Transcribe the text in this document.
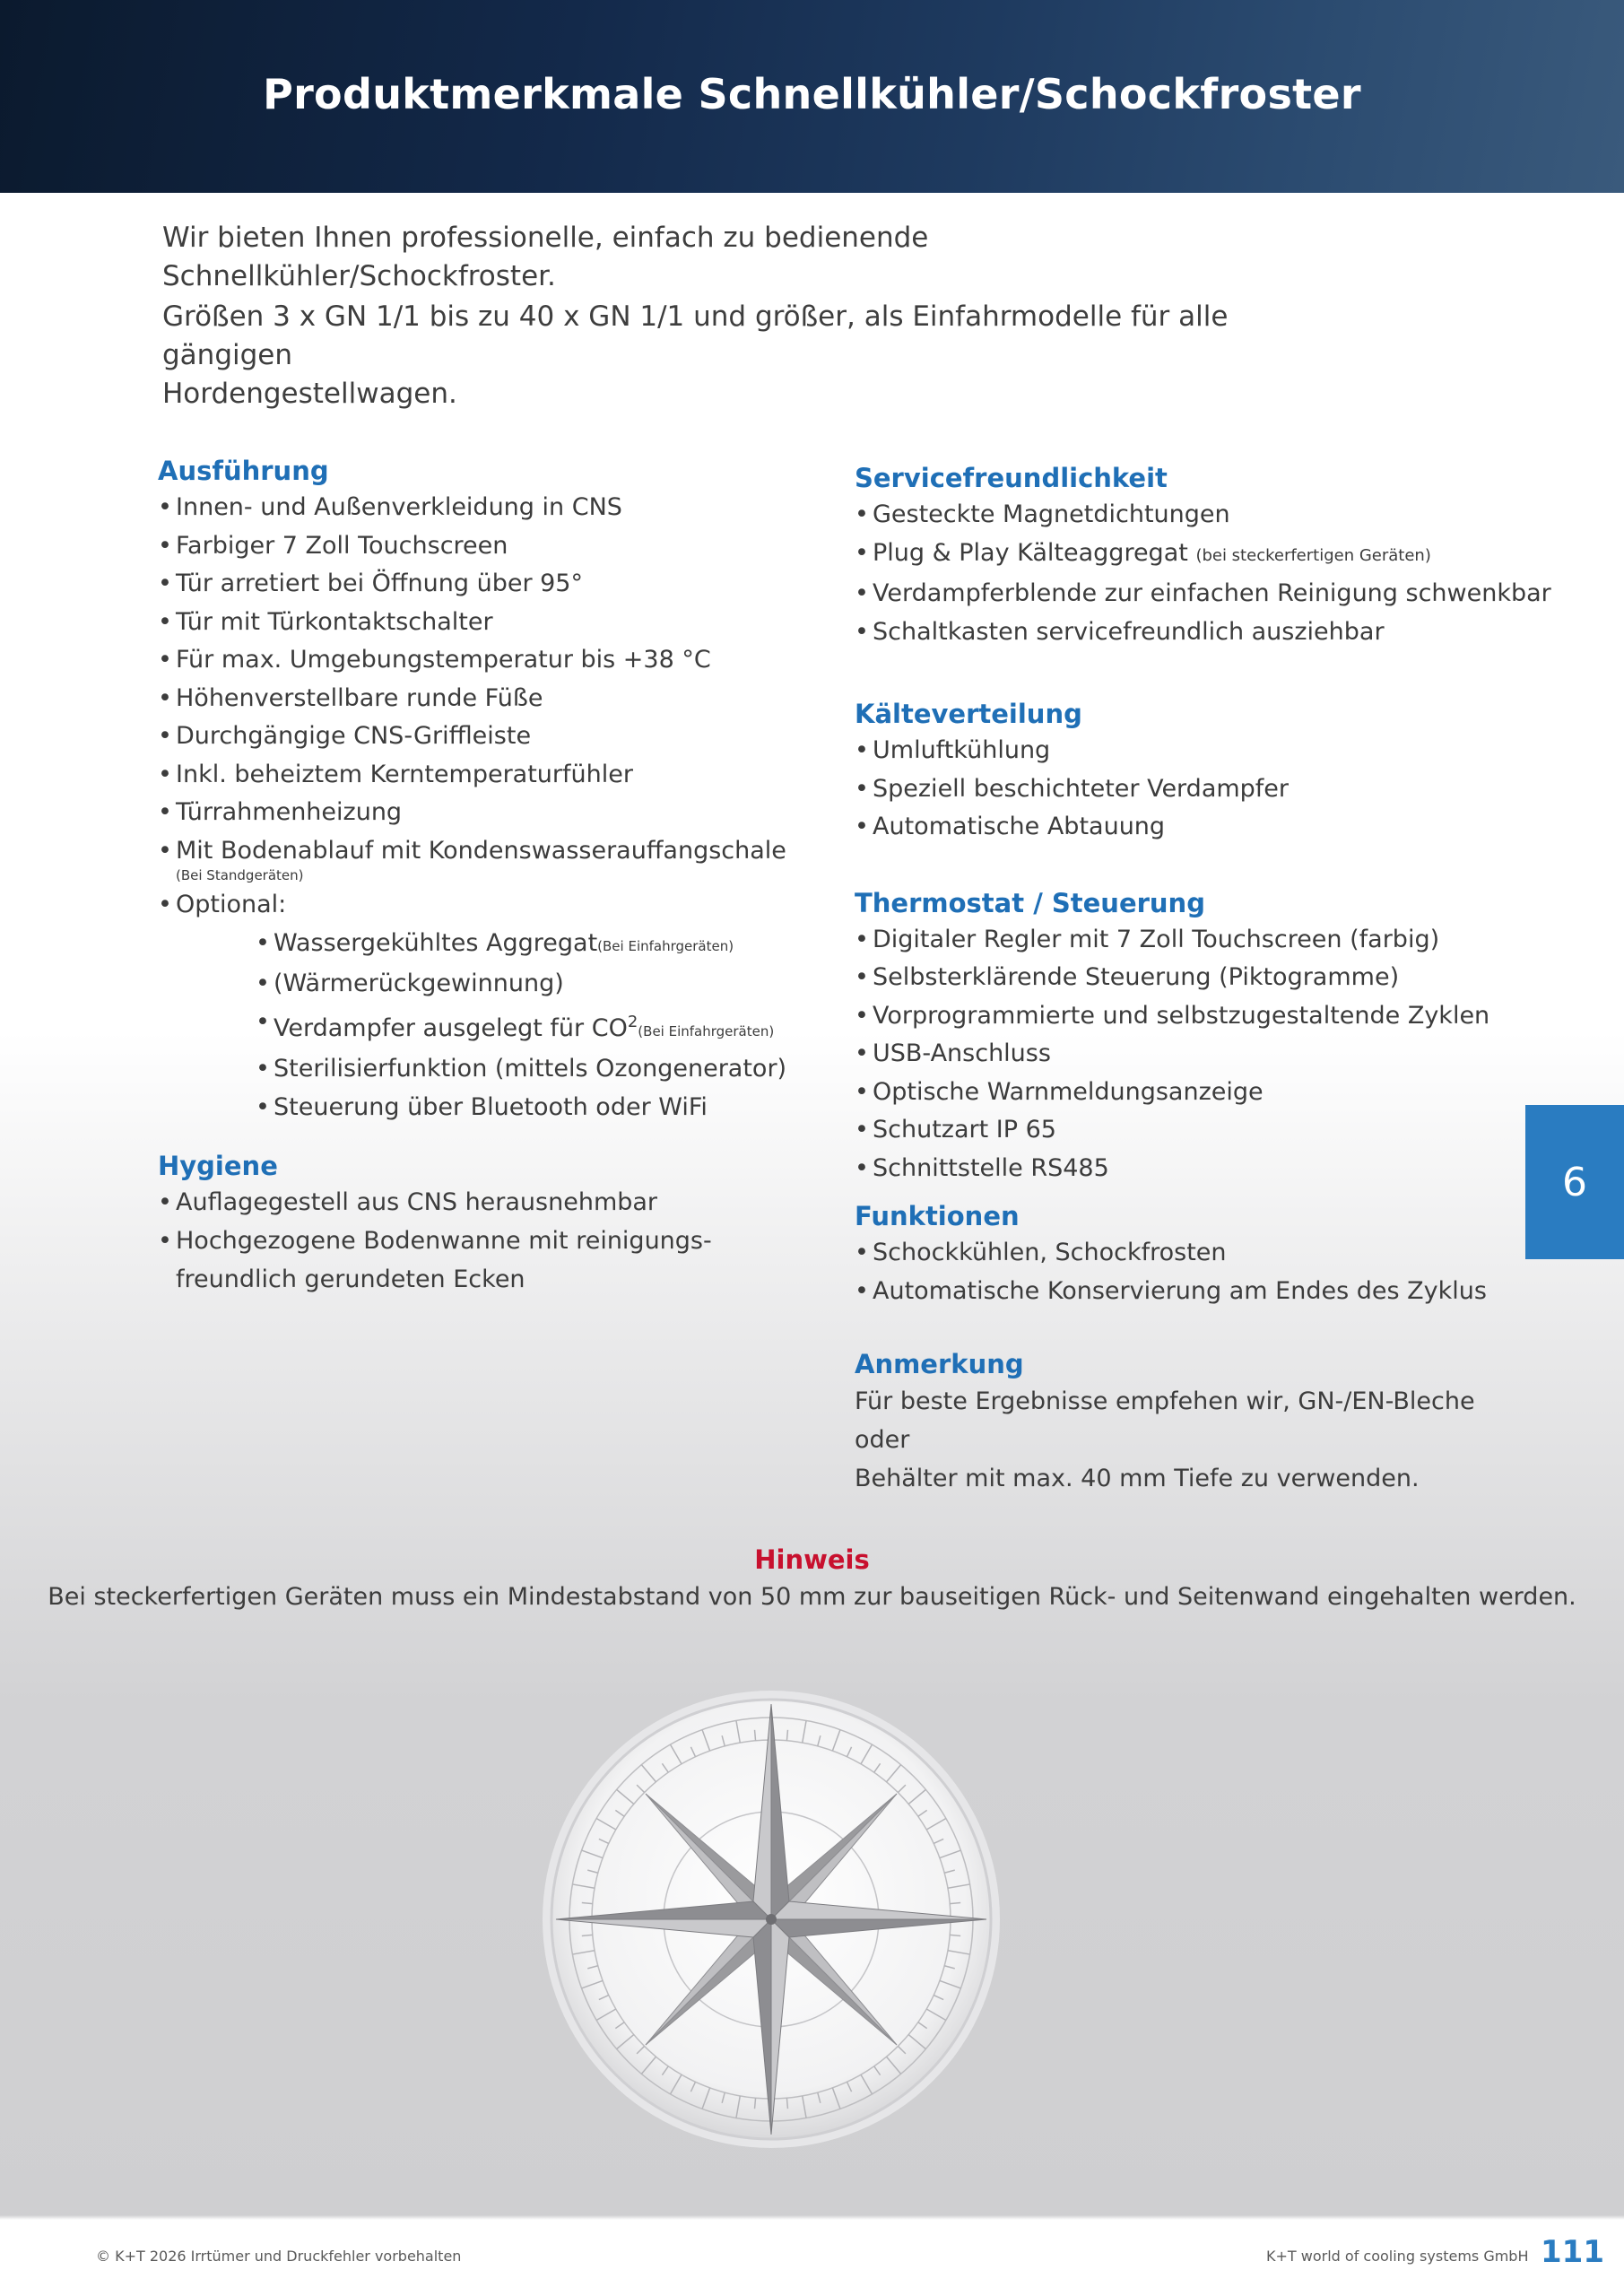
Produktmerkmale Schnellkühler/Schockfroster
Wir bieten Ihnen professionelle, einfach zu bedienende Schnellkühler/Schockfroster.
Größen 3 x GN 1/1 bis zu 40 x GN 1/1 und größer, als Einfahrmodelle für alle gängigen
Hordengestellwagen.
Ausführung
• Innen- und Außenverkleidung in CNS
• Farbiger 7 Zoll Touchscreen
• Tür arretiert bei Öffnung über 95°
• Tür mit Türkontaktschalter
• Für max. Umgebungstemperatur bis +38 °C
• Höhenverstellbare runde Füße
• Durchgängige CNS-Griffleiste
• Inkl. beheiztem Kerntemperaturfühler
• Türrahmenheizung
• Mit Bodenablauf mit Kondenswasserauffangschale
(Bei Standgeräten)
• Optional:
• Wassergekühltes Aggregat(Bei Einfahrgeräten)
• (Wärmerückgewinnung)
• Verdampfer ausgelegt für $CO^2(Bei$ Einfahrgeräten)
• Sterilisierfunktion (mittels Ozongenerator)
• Steuerung über Bluetooth oder WiFi
Hygiene
• Auflagegestell aus CNS herausnehmbar
• Hochgezogene Bodenwanne mit reinigungs-
freundlich gerundeten Ecken
Servicefreundlichkeit
• Gesteckte Magnetdichtungen
• Plug & Play Kälteaggregat (bei steckerfertigen Geräten)
• Verdampferblende zur einfachen Reinigung schwenkbar
• Schaltkasten servicefreundlich ausziehbar
Kälteverteilung
• Umluftkühlung
• Speziell beschichteter Verdampfer
• Automatische Abtauung
Thermostat / Steuerung
• Digitaler Regler mit 7 Zoll Touchscreen (farbig)
• Selbsterklärende Steuerung (Piktogramme)
• Vorprogrammierte und selbstzugestaltende Zyklen
• USB-Anschluss
• Optische Warnmeldungsanzeige
• Schutzart IP 65
• Schnittstelle RS485
Funktionen
• Schockkühlen, Schockfrosten
• Automatische Konservierung am Endes des Zyklus
Anmerkung
Für beste Ergebnisse empfehen wir, GN-/EN-Bleche oder
Behälter mit max. 40 mm Tiefe zu verwenden.
Hinweis
Bei steckerfertigen Geräten muss ein Mindestabstand von 50 mm zur bauseitigen Rück- und Seitenwand eingehalten werden.
6
© K+T 2026 Irrtümer und Druckfehler vorbehalten	K+T world of cooling systems GmbH 111
